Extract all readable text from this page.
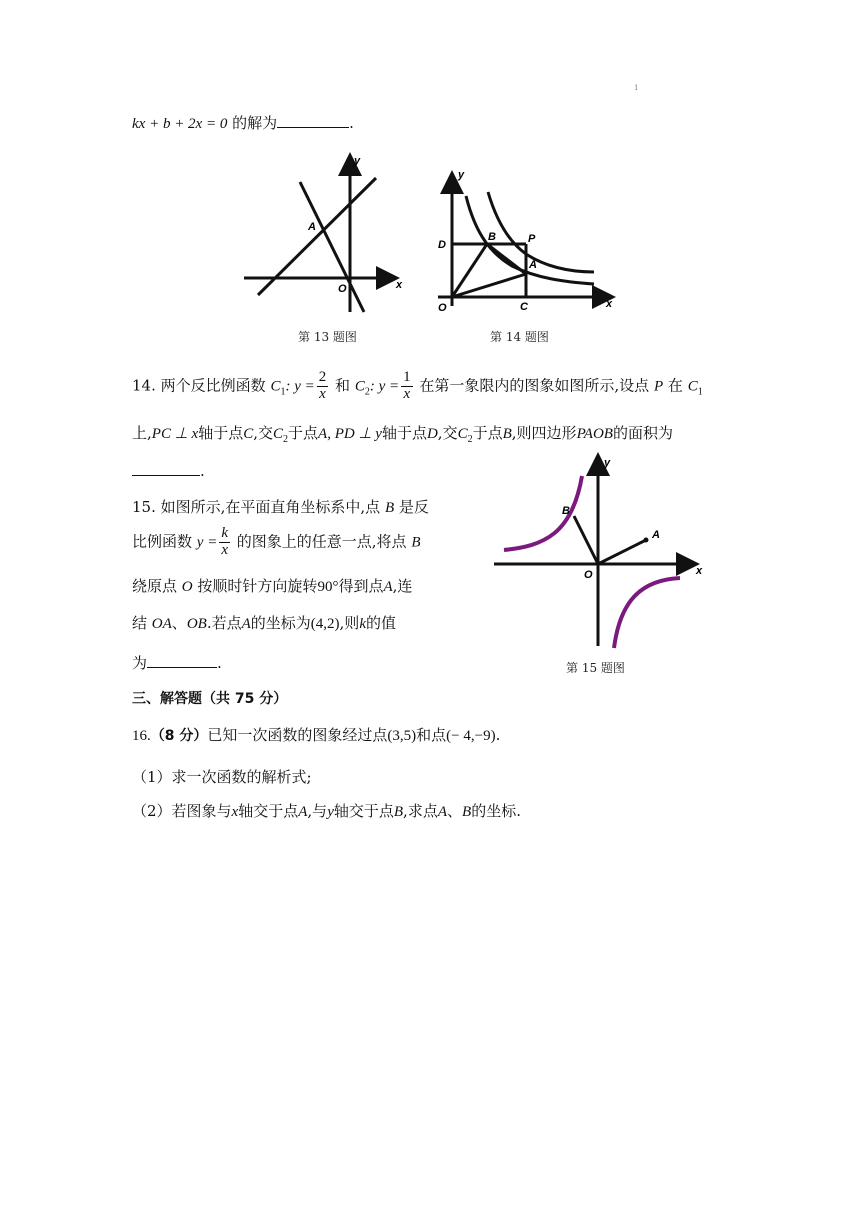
1
kx + b + 2x = 0 的解为	.
y
x
A
O
第 13 题图
y
x
D
B	P
A
O	C
第 14 题图
14. 两个反比例函数 $C_1$: $y = \frac{2}{x}$ 和 $C_2$: $y = \frac{1}{x}$ 在第一象限内的图象如图所示,设点 P 在 $C_1$
上,PC ⊥ x轴于点C,交$C_2$于点A, PD ⊥ y轴于点D,交$C_2$于点B,则四边形PAOB的面积为
.
15. 如图所示,在平面直角坐标系中,点 B 是反
比例函数 $y = \frac{k}{x}$ 的图象上的任意一点,将点 B
绕原点 O 按顺时针方向旋转90°得到点A,连
结 OA、OB.若点A的坐标为(4,2),则k的值
为	.
y
x
B
A
O
第 15 题图
三、解答题（共 75 分）
16.（8 分）已知一次函数的图象经过点(3,5)和点(− 4,−9).
（1）求一次函数的解析式;
（2）若图象与x轴交于点A,与y轴交于点B,求点A、B的坐标.
